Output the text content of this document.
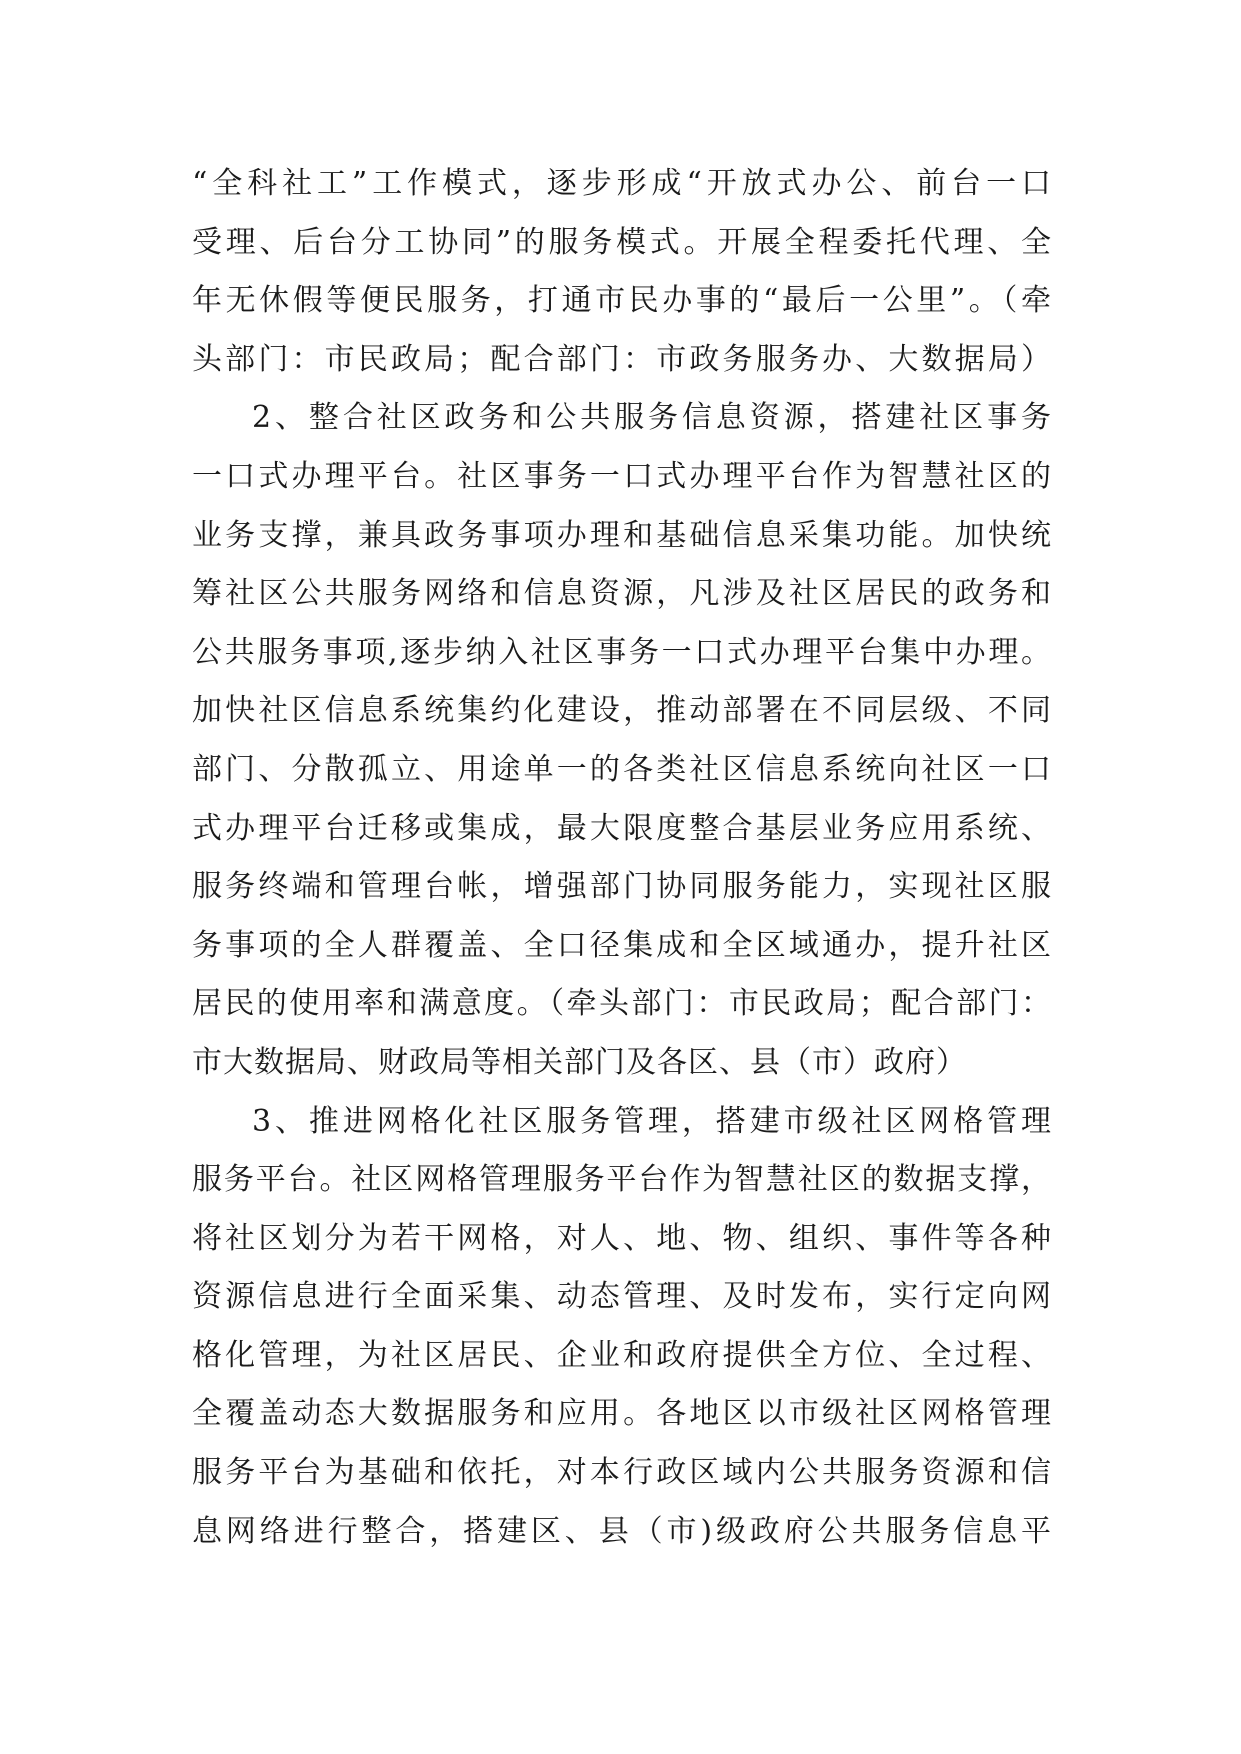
“全科社工”工作模式，逐步形成“开放式办公、前台一口
受理、后台分工协同”的服务模式。开展全程委托代理、全
年无休假等便民服务，打通市民办事的“最后一公里”。（牵
头部门：市民政局；配合部门：市政务服务办、大数据局）
2、整合社区政务和公共服务信息资源，搭建社区事务
一口式办理平台。社区事务一口式办理平台作为智慧社区的
业务支撑，兼具政务事项办理和基础信息采集功能。加快统
筹社区公共服务网络和信息资源，凡涉及社区居民的政务和
公共服务事项,逐步纳入社区事务一口式办理平台集中办理。
加快社区信息系统集约化建设，推动部署在不同层级、不同
部门、分散孤立、用途单一的各类社区信息系统向社区一口
式办理平台迁移或集成，最大限度整合基层业务应用系统、
服务终端和管理台帐，增强部门协同服务能力，实现社区服
务事项的全人群覆盖、全口径集成和全区域通办，提升社区
居民的使用率和满意度。（牵头部门：市民政局；配合部门：
市大数据局、财政局等相关部门及各区、县（市）政府）
3、推进网格化社区服务管理，搭建市级社区网格管理
服务平台。社区网格管理服务平台作为智慧社区的数据支撑，
将社区划分为若干网格，对人、地、物、组织、事件等各种
资源信息进行全面采集、动态管理、及时发布，实行定向网
格化管理，为社区居民、企业和政府提供全方位、全过程、
全覆盖动态大数据服务和应用。各地区以市级社区网格管理
服务平台为基础和依托，对本行政区域内公共服务资源和信
息网络进行整合，搭建区、县（市)级政府公共服务信息平
